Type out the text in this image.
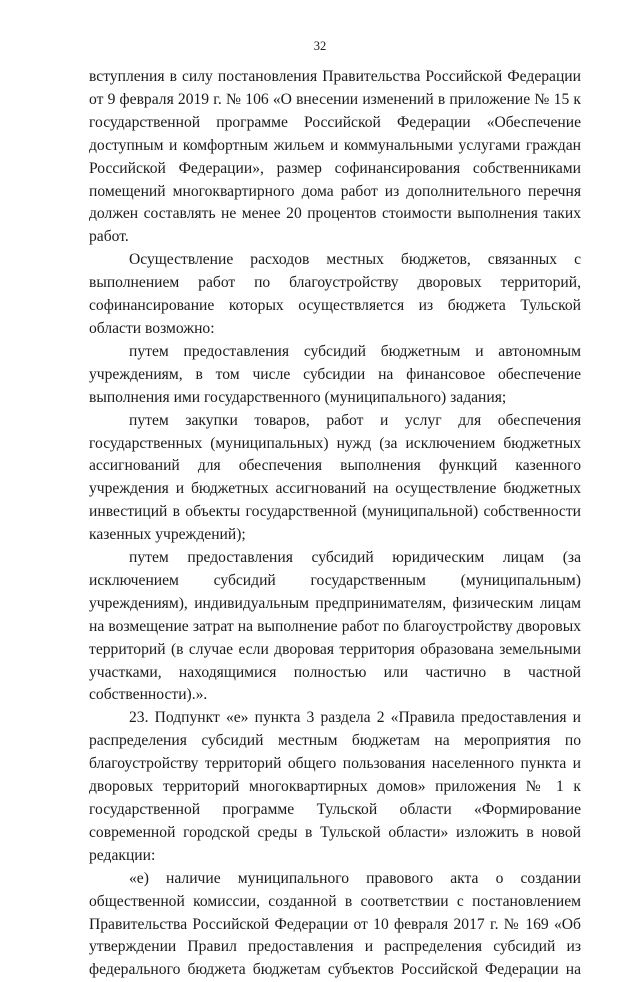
32

вступления в силу постановления Правительства Российской Федерации от 9 февраля 2019 г. № 106 «О внесении изменений в приложение № 15 к государственной программе Российской Федерации «Обеспечение доступным и комфортным жильем и коммунальными услугами граждан Российской Федерации», размер софинансирования собственниками помещений многоквартирного дома работ из дополнительного перечня должен составлять не менее 20 процентов стоимости выполнения таких работ.

Осуществление расходов местных бюджетов, связанных с выполнением работ по благоустройству дворовых территорий, софинансирование которых осуществляется из бюджета Тульской области возможно:

путем предоставления субсидий бюджетным и автономным учреждениям, в том числе субсидии на финансовое обеспечение выполнения ими государственного (муниципального) задания;

путем закупки товаров, работ и услуг для обеспечения государственных (муниципальных) нужд (за исключением бюджетных ассигнований для обеспечения выполнения функций казенного учреждения и бюджетных ассигнований на осуществление бюджетных инвестиций в объекты государственной (муниципальной) собственности казенных учреждений);

путем предоставления субсидий юридическим лицам (за исключением субсидий государственным (муниципальным) учреждениям), индивидуальным предпринимателям, физическим лицам на возмещение затрат на выполнение работ по благоустройству дворовых территорий (в случае если дворовая территория образована земельными участками, находящимися полностью или частично в частной собственности).».

23. Подпункт «е» пункта 3 раздела 2 «Правила предоставления и распределения субсидий местным бюджетам на мероприятия по благоустройству территорий общего пользования населенного пункта и дворовых территорий многоквартирных домов» приложения № 1 к государственной программе Тульской области «Формирование современной городской среды в Тульской области» изложить в новой редакции:

«е) наличие муниципального правового акта о создании общественной комиссии, созданной в соответствии с постановлением Правительства Российской Федерации от 10 февраля 2017 г. № 169 «Об утверждении Правил предоставления и распределения субсидий из федерального бюджета бюджетам субъектов Российской Федерации на
